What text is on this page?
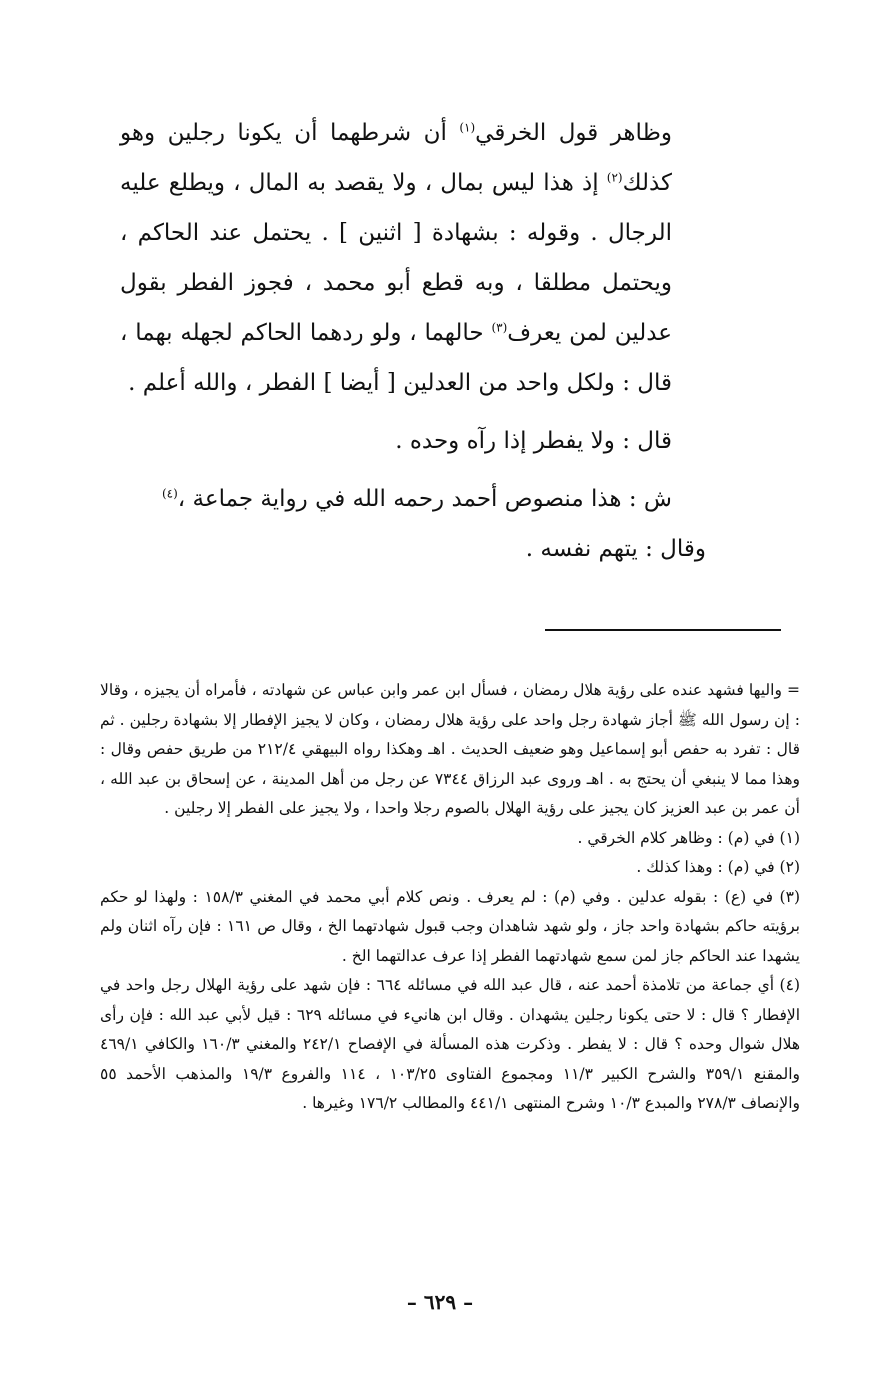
وظاهر قول الخرقي$^{(١)}$ أن شرطهما أن يكونا رجلين وهو كذلك$^{(٢)}$ إذ هذا ليس بمال ، ولا يقصد به المال ، ويطلع عليه الرجال . وقوله : بشهادة [ اثنين ] . يحتمل عند الحاكم ، ويحتمل مطلقا ، وبه قطع أبو محمد ، فجوز الفطر بقول عدلين لمن يعرف$^{(٣)}$ حالهما ، ولو ردهما الحاكم لجهله بهما ، قال : ولكل واحد من العدلين [ أيضا ] الفطر ، والله أعلم .

قال : ولا يفطر إذا رآه وحده .

ش : هذا منصوص أحمد رحمه الله في رواية جماعة ،$^{(٤)}$

وقال : يتهم نفسه .

= واليها فشهد عنده على رؤية هلال رمضان ، فسأل ابن عمر وابن عباس عن شهادته ، فأمراه أن يجيزه ، وقالا : إن رسول الله ﷺ أجاز شهادة رجل واحد على رؤية هلال رمضان ، وكان لا يجيز الإفطار إلا بشهادة رجلين . ثم قال : تفرد به حفص أبو إسماعيل وهو ضعيف الحديث . اهـ وهكذا رواه البيهقي ٢١٢/٤ من طريق حفص وقال : وهذا مما لا ينبغي أن يحتج به . اهـ وروى عبد الرزاق ٧٣٤٤ عن رجل من أهل المدينة ، عن إسحاق بن عبد الله ، أن عمر بن عبد العزيز كان يجيز على رؤية الهلال بالصوم رجلا واحدا ، ولا يجيز على الفطر إلا رجلين .

(١) في (م) : وظاهر كلام الخرقي .

(٢) في (م) : وهذا كذلك .

(٣) في (ع) : بقوله عدلين . وفي (م) : لم يعرف . ونص كلام أبي محمد في المغني ١٥٨/٣ : ولهذا لو حكم برؤيته حاكم بشهادة واحد جاز ، ولو شهد شاهدان وجب قبول شهادتهما الخ ، وقال ص ١٦١ : فإن رآه اثنان ولم يشهدا عند الحاكم جاز لمن سمع شهادتهما الفطر إذا عرف عدالتهما الخ .

(٤) أي جماعة من تلامذة أحمد عنه ، قال عبد الله في مسائله ٦٦٤ : فإن شهد على رؤية الهلال رجل واحد في الإفطار ؟ قال : لا حتى يكونا رجلين يشهدان . وقال ابن هانيء في مسائله ٦٢٩ : قيل لأبي عبد الله : فإن رأى هلال شوال وحده ؟ قال : لا يفطر . وذكرت هذه المسألة في الإفصاح ٢٤٢/١ والمغني ١٦٠/٣ والكافي ٤٦٩/١ والمقنع ٣٥٩/١ والشرح الكبير ١١/٣ ومجموع الفتاوى ١٠٣/٢٥ ، ١١٤ والفروع ١٩/٣ والمذهب الأحمد ٥٥ والإنصاف ٢٧٨/٣ والمبدع ١٠/٣ وشرح المنتهى ٤٤١/١ والمطالب ١٧٦/٢ وغيرها .

– ٦٢٩ –
